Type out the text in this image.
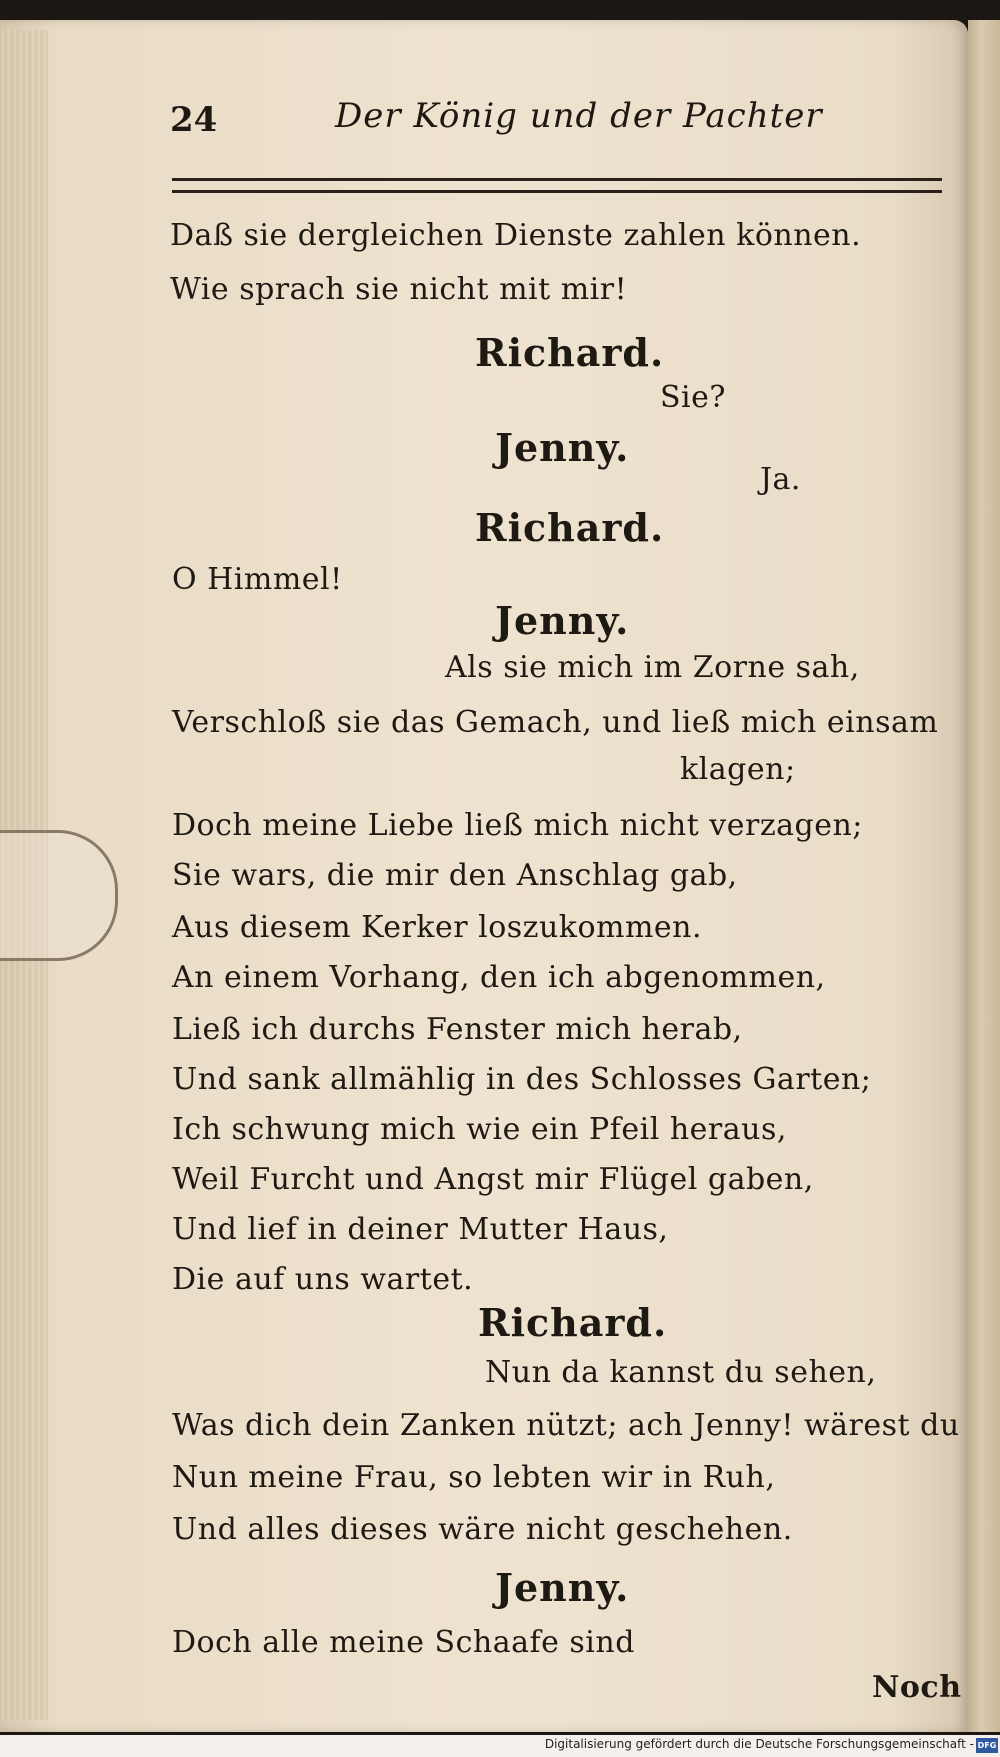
24	Der König und der Pachter
Daß sie dergleichen Dienste zahlen können.
Wie sprach sie nicht mit mir!
Richard.
Sie?
Jenny.
Ja.
Richard.
O Himmel!
Jenny.
Als sie mich im Zorne sah,
Verschloß sie das Gemach, und ließ mich einsam
klagen;
Doch meine Liebe ließ mich nicht verzagen;
Sie wars, die mir den Anschlag gab,
Aus diesem Kerker loszukommen.
An einem Vorhang, den ich abgenommen,
Ließ ich durchs Fenster mich herab,
Und sank allmählig in des Schlosses Garten;
Ich schwung mich wie ein Pfeil heraus,
Weil Furcht und Angst mir Flügel gaben,
Und lief in deiner Mutter Haus,
Die auf uns wartet.
Richard.
Nun da kannst du sehen,
Was dich dein Zanken nützt; ach Jenny! wärest du
Nun meine Frau, so lebten wir in Ruh,
Und alles dieses wäre nicht geschehen.
Jenny.
Doch alle meine Schaafe sind
Noch
Digitalisierung gefördert durch die Deutsche Forschungsgemeinschaft - DFG
